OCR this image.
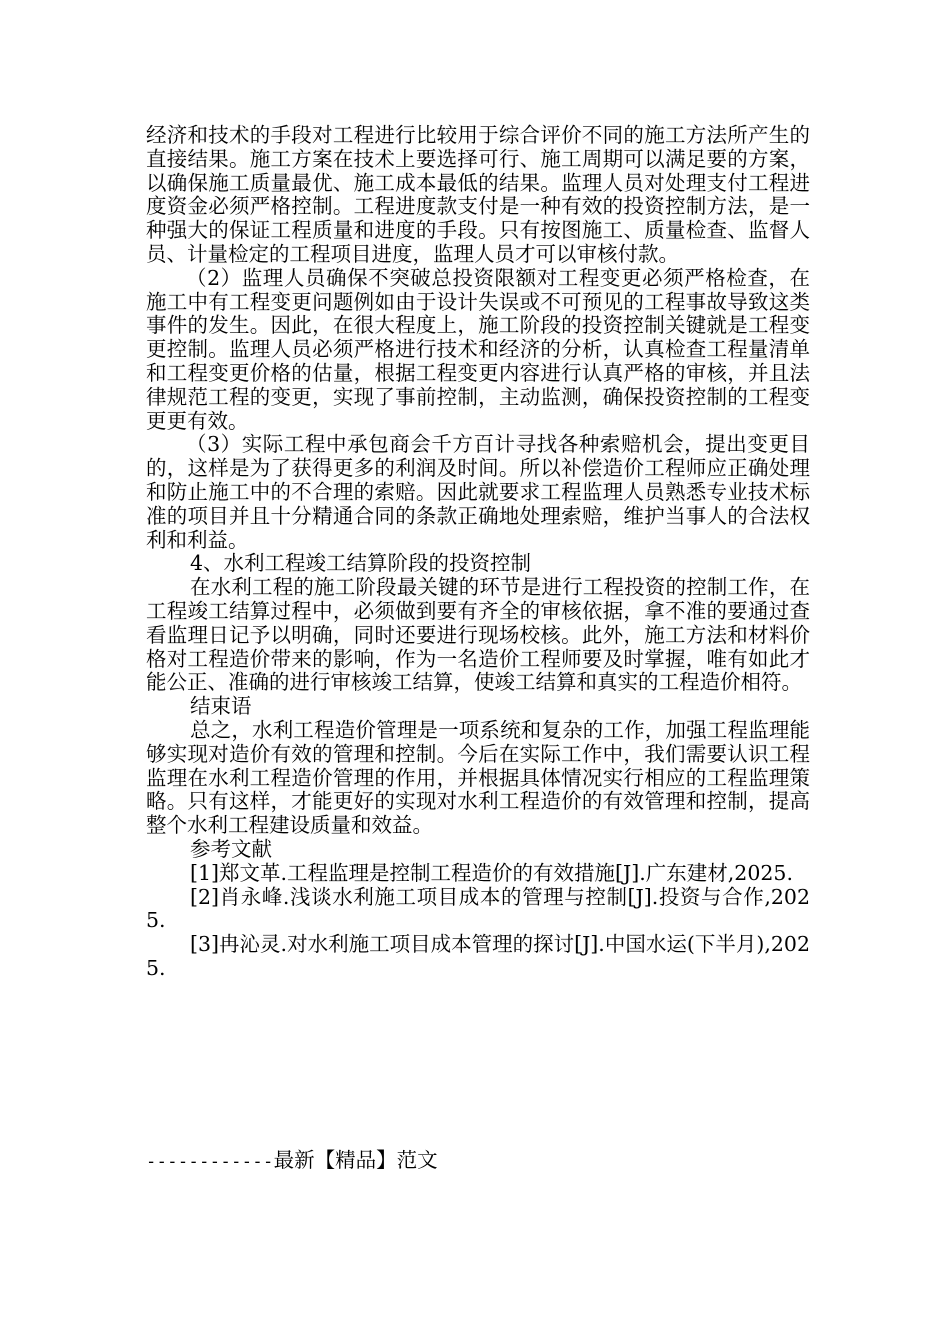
经济和技术的手段对工程进行比较用于综合评价不同的施工方法所产生的直接结果。施工方案在技术上要选择可行、施工周期可以满足要的方案，以确保施工质量最优、施工成本最低的结果。监理人员对处理支付工程进度资金必须严格控制。工程进度款支付是一种有效的投资控制方法，是一种强大的保证工程质量和进度的手段。只有按图施工、质量检查、监督人员、计量检定的工程项目进度，监理人员才可以审核付款。

（2）监理人员确保不突破总投资限额对工程变更必须严格检查，在施工中有工程变更问题例如由于设计失误或不可预见的工程事故导致这类事件的发生。因此，在很大程度上，施工阶段的投资控制关键就是工程变更控制。监理人员必须严格进行技术和经济的分析，认真检查工程量清单和工程变更价格的估量，根据工程变更内容进行认真严格的审核，并且法律规范工程的变更，实现了事前控制，主动监测，确保投资控制的工程变更更有效。

（3）实际工程中承包商会千方百计寻找各种索赔机会，提出变更目的，这样是为了获得更多的利润及时间。所以补偿造价工程师应正确处理和防止施工中的不合理的索赔。因此就要求工程监理人员熟悉专业技术标准的项目并且十分精通合同的条款正确地处理索赔，维护当事人的合法权利和利益。

4、水利工程竣工结算阶段的投资控制

在水利工程的施工阶段最关键的环节是进行工程投资的控制工作，在工程竣工结算过程中，必须做到要有齐全的审核依据，拿不准的要通过查看监理日记予以明确，同时还要进行现场校核。此外，施工方法和材料价格对工程造价带来的影响，作为一名造价工程师要及时掌握，唯有如此才能公正、准确的进行审核竣工结算，使竣工结算和真实的工程造价相符。

结束语

总之，水利工程造价管理是一项系统和复杂的工作，加强工程监理能够实现对造价有效的管理和控制。今后在实际工作中，我们需要认识工程监理在水利工程造价管理的作用，并根据具体情况实行相应的工程监理策略。只有这样，才能更好的实现对水利工程造价的有效管理和控制，提高整个水利工程建设质量和效益。

参考文献

[1]郑文革.工程监理是控制工程造价的有效措施[J].广东建材,2025.

[2]肖永峰.浅谈水利施工项目成本的管理与控制[J].投资与合作,2025.

[3]冉沁灵.对水利施工项目成本管理的探讨[J].中国水运(下半月),2025.

------------最新【精品】范文
